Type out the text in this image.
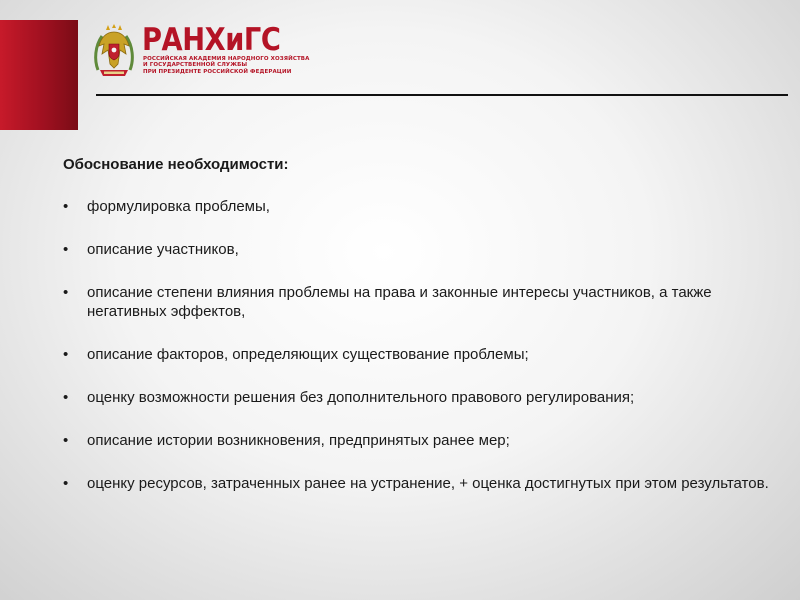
РАНХиГС
РОССИЙСКАЯ АКАДЕМИЯ НАРОДНОГО ХОЗЯЙСТВА
И ГОСУДАРСТВЕННОЙ СЛУЖБЫ
ПРИ ПРЕЗИДЕНТЕ РОССИЙСКОЙ ФЕДЕРАЦИИ
Обоснование необходимости:
• формулировка проблемы,
• описание участников,
• описание степени влияния проблемы на права и законные интересы участников, а также негативных эффектов,
• описание факторов, определяющих существование проблемы;
• оценку возможности решения без дополнительного правового регулирования;
• описание истории возникновения, предпринятых ранее мер;
• оценку ресурсов, затраченных ранее на устранение, + оценка достигнутых при этом результатов.
